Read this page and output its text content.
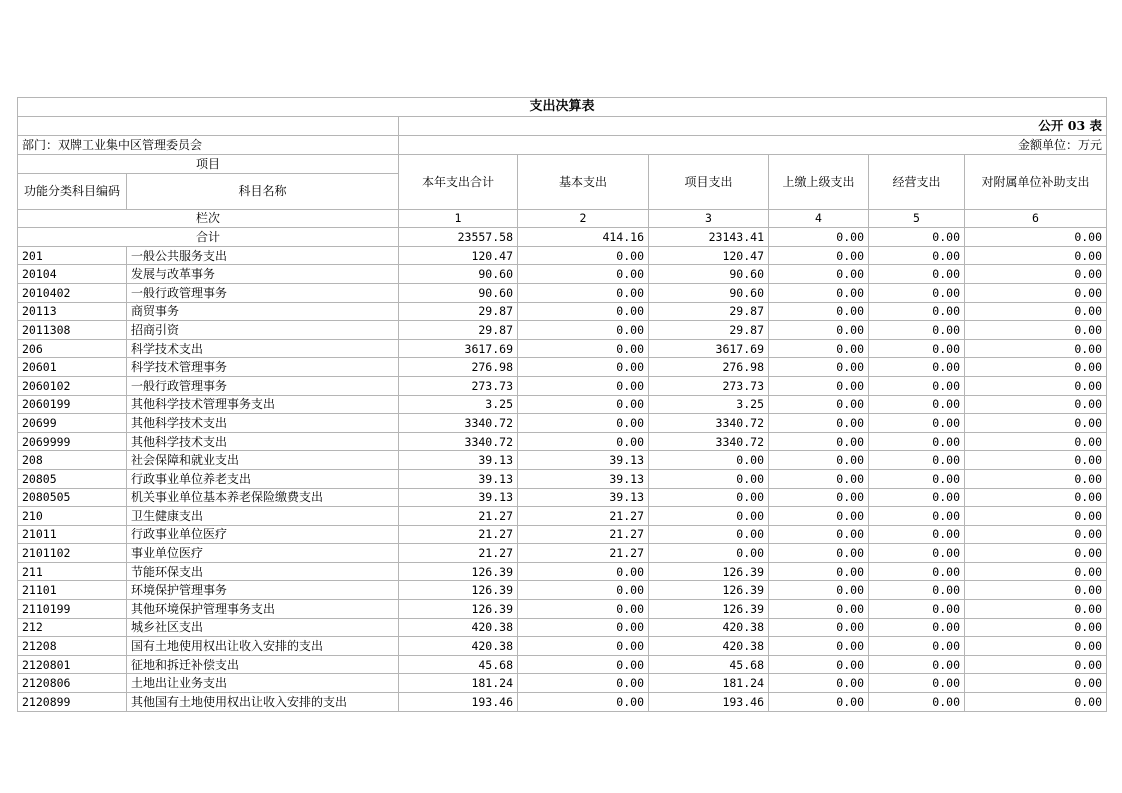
支出决算表							
		公开 03 表					
部门：双牌工业集中区管理委员会		金额单位：万元					
项目		本年支出合计	基本支出	项目支出	上缴上级支出	经营支出	对附属单位补助支出
功能分类科目编码	科目名称						
栏次		1	2	3	4	5	6
合计		23557.58	414.16	23143.41	0.00	0.00	0.00
201	一般公共服务支出	120.47	0.00	120.47	0.00	0.00	0.00
20104	发展与改革事务	90.60	0.00	90.60	0.00	0.00	0.00
2010402	一般行政管理事务	90.60	0.00	90.60	0.00	0.00	0.00
20113	商贸事务	29.87	0.00	29.87	0.00	0.00	0.00
2011308	招商引资	29.87	0.00	29.87	0.00	0.00	0.00
206	科学技术支出	3617.69	0.00	3617.69	0.00	0.00	0.00
20601	科学技术管理事务	276.98	0.00	276.98	0.00	0.00	0.00
2060102	一般行政管理事务	273.73	0.00	273.73	0.00	0.00	0.00
2060199	其他科学技术管理事务支出	3.25	0.00	3.25	0.00	0.00	0.00
20699	其他科学技术支出	3340.72	0.00	3340.72	0.00	0.00	0.00
2069999	其他科学技术支出	3340.72	0.00	3340.72	0.00	0.00	0.00
208	社会保障和就业支出	39.13	39.13	0.00	0.00	0.00	0.00
20805	行政事业单位养老支出	39.13	39.13	0.00	0.00	0.00	0.00
2080505	机关事业单位基本养老保险缴费支出	39.13	39.13	0.00	0.00	0.00	0.00
210	卫生健康支出	21.27	21.27	0.00	0.00	0.00	0.00
21011	行政事业单位医疗	21.27	21.27	0.00	0.00	0.00	0.00
2101102	事业单位医疗	21.27	21.27	0.00	0.00	0.00	0.00
211	节能环保支出	126.39	0.00	126.39	0.00	0.00	0.00
21101	环境保护管理事务	126.39	0.00	126.39	0.00	0.00	0.00
2110199	其他环境保护管理事务支出	126.39	0.00	126.39	0.00	0.00	0.00
212	城乡社区支出	420.38	0.00	420.38	0.00	0.00	0.00
21208	国有土地使用权出让收入安排的支出	420.38	0.00	420.38	0.00	0.00	0.00
2120801	征地和拆迁补偿支出	45.68	0.00	45.68	0.00	0.00	0.00
2120806	土地出让业务支出	181.24	0.00	181.24	0.00	0.00	0.00
2120899	其他国有土地使用权出让收入安排的支出	193.46	0.00	193.46	0.00	0.00	0.00
